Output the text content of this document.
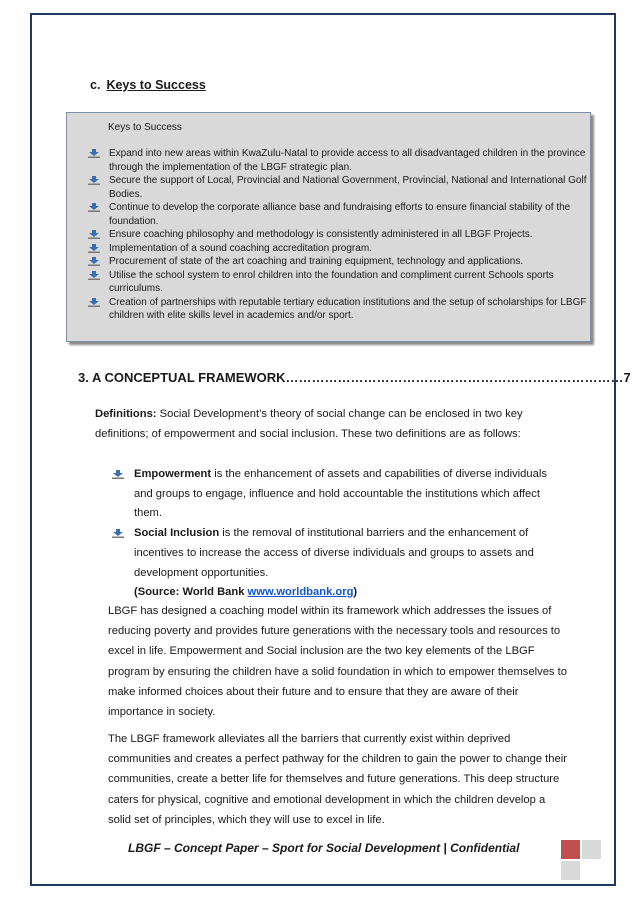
c. Keys to Success
Keys to Success
Expand into new areas within KwaZulu-Natal to provide access to all disadvantaged children in the province through the implementation of the LBGF strategic plan.
Secure the support of Local, Provincial and National Government, Provincial, National and International Golf Bodies.
Continue to develop the corporate alliance base and fundraising efforts to ensure financial stability of the foundation.
Ensure coaching philosophy and methodology is consistently administered in all LBGF Projects.
Implementation of a sound coaching accreditation program.
Procurement of state of the art coaching and training equipment, technology and applications.
Utilise the school system to enrol children into the foundation and compliment current Schools sports curriculums.
Creation of partnerships with reputable tertiary education institutions and the setup of scholarships for LBGF children with elite skills level in academics and/or sport.
3. A CONCEPTUAL FRAMEWORK……………………………………………………………………7
Definitions: Social Development’s theory of social change can be enclosed in two key definitions; of empowerment and social inclusion. These two definitions are as follows:
Empowerment is the enhancement of assets and capabilities of diverse individuals and groups to engage, influence and hold accountable the institutions which affect them.
Social Inclusion is the removal of institutional barriers and the enhancement of incentives to increase the access of diverse individuals and groups to assets and development opportunities.
(Source: World Bank www.worldbank.org)
LBGF has designed a coaching model within its framework which addresses the issues of reducing poverty and provides future generations with the necessary tools and resources to excel in life. Empowerment and Social inclusion are the two key elements of the LBGF program by ensuring the children have a solid foundation in which to empower themselves to make informed choices about their future and to ensure that they are aware of their importance in society.
The LBGF framework alleviates all the barriers that currently exist within deprived communities and creates a perfect pathway for the children to gain the power to change their communities, create a better life for themselves and future generations. This deep structure caters for physical, cognitive and emotional development in which the children develop a solid set of principles, which they will use to excel in life.
LBGF – Concept Paper – Sport for Social Development | Confidential
